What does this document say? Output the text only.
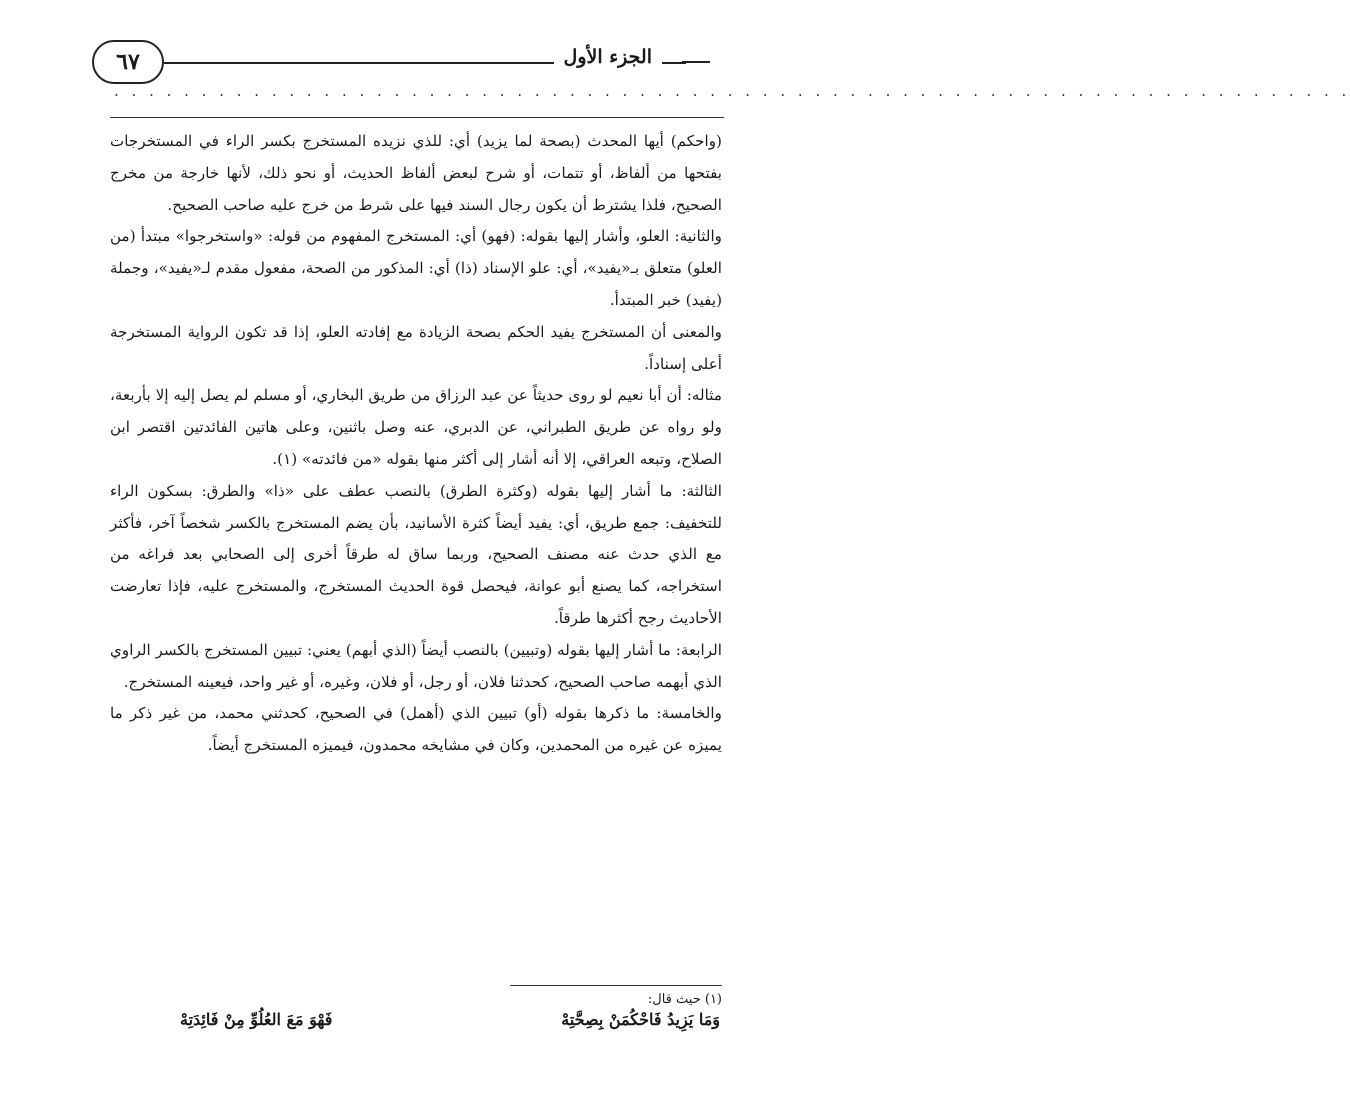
٦٧	الجزء الأول
· · · · · · · · · · · · · · · · · · · · · · · · · · · · · · · · · · · · · · · · · · · · · · · · · · · · · · · · · · · · · · · · · · · · · · ·

(واحكم) أيها المحدث (بصحة لما يزيد) أي: للذي نزيده المستخرج بكسر الراء في المستخرجات بفتحها من ألفاظ، أو تتمات، أو شرح لبعض ألفاظ الحديث، أو نحو ذلك، لأنها خارجة من مخرج الصحيح، فلذا يشترط أن يكون رجال السند فيها على شرط من خرج عليه صاحب الصحيح.

والثانية: العلو، وأشار إليها بقوله: (فهو) أي: المستخرج المفهوم من قوله: «واستخرجوا» مبتدأ (من العلو) متعلق بـ«يفيد»، أي: علو الإسناد (ذا) أي: المذكور من الصحة، مفعول مقدم لـ«يفيد»، وجملة (يفيد) خبر المبتدأ.

والمعنى أن المستخرج يفيد الحكم بصحة الزيادة مع إفادته العلو، إذا قد تكون الرواية المستخرجة أعلى إسناداً.

مثاله: أن أبا نعيم لو روى حديثاً عن عبد الرزاق من طريق البخاري، أو مسلم لم يصل إليه إلا بأربعة، ولو رواه عن طريق الطبراني، عن الدبري، عنه وصل باثنين، وعلى هاتين الفائدتين اقتصر ابن الصلاح، وتبعه العراقي، إلا أنه أشار إلى أكثر منها بقوله «من فائدته» (١).

الثالثة: ما أشار إليها بقوله (وكثرة الطرق) بالنصب عطف على «ذا» والطرق: بسكون الراء للتخفيف: جمع طريق، أي: يفيد أيضاً كثرة الأسانيد، بأن يضم المستخرج بالكسر شخصاً آخر، فأكثر مع الذي حدث عنه مصنف الصحيح، وربما ساق له طرقاً أخرى إلى الصحابي بعد فراغه من استخراجه، كما يصنع أبو عوانة، فيحصل قوة الحديث المستخرج، والمستخرج عليه، فإذا تعارضت الأحاديث رجح أكثرها طرقاً.

الرابعة: ما أشار إليها بقوله (وتبيين) بالنصب أيضاً (الذي أبهم) يعني: تبيين المستخرج بالكسر الراوي الذي أبهمه صاحب الصحيح، كحدثنا فلان، أو رجل، أو فلان، وغيره، أو غير واحد، فيعينه المستخرج.

والخامسة: ما ذكرها بقوله (أو) تبيين الذي (أهمل) في الصحيح، كحدثني محمد، من غير ذكر ما يميزه عن غيره من المحمدين، وكان في مشايخه محمدون، فيميزه المستخرج أيضاً.

(١) حيث قال:
وَمَا يَزِيدُ فَاحْكُمَنْ بِصِحَّتِهْ
فَهْوَ مَعَ العُلُوِّ مِنْ فَائِدَتِهْ
